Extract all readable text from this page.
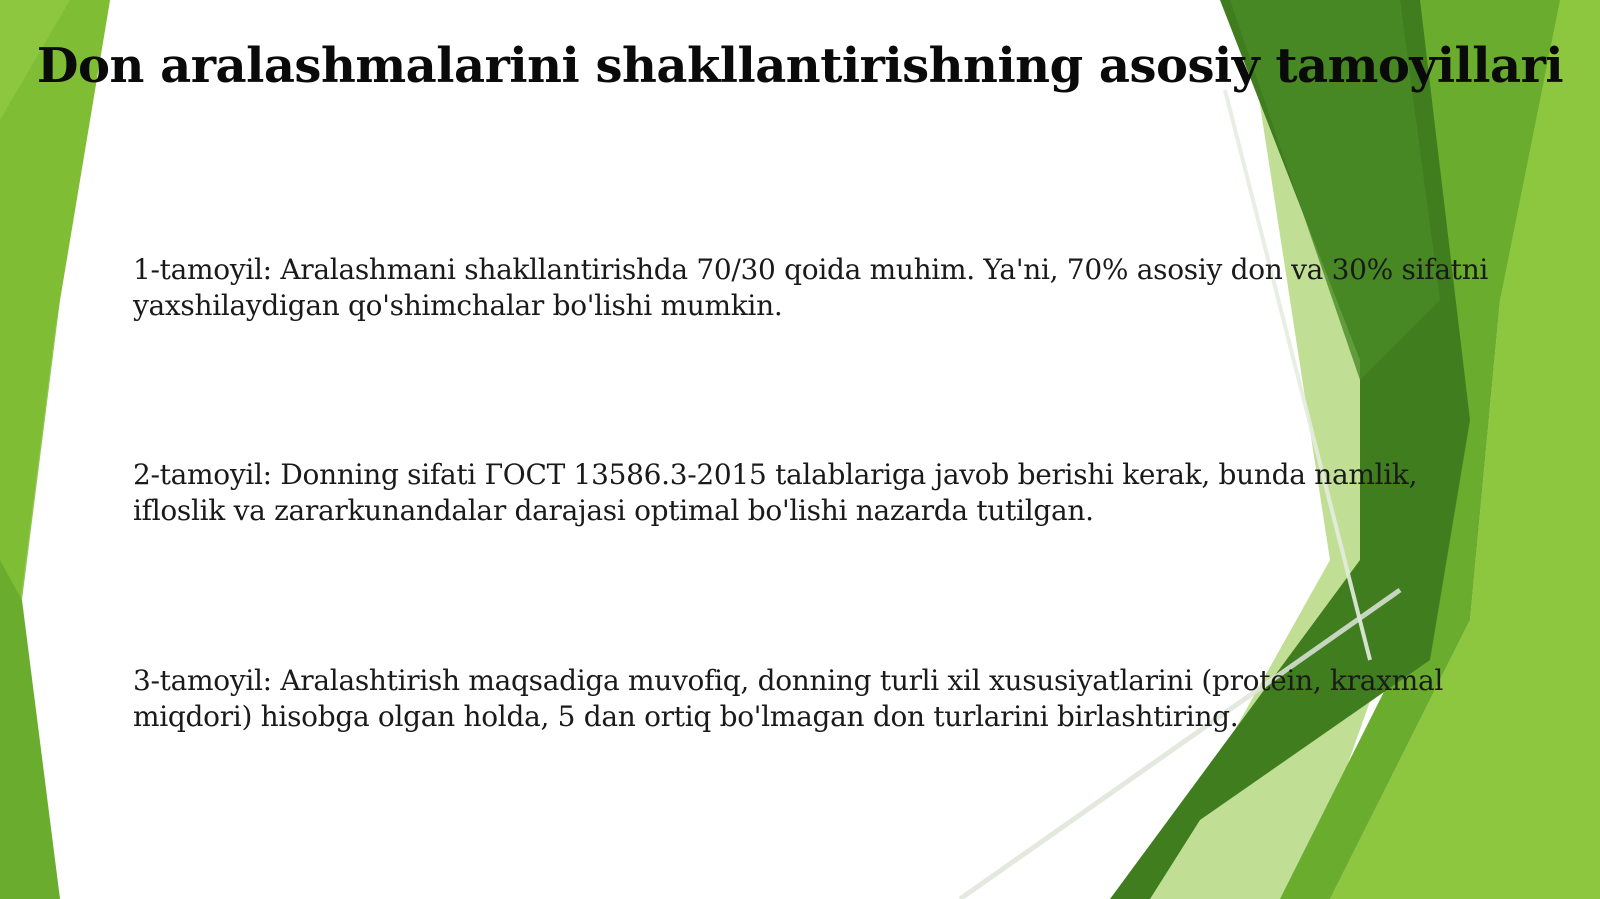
Don aralashmalarini shakllantirishning asosiy tamoyillari
1-tamoyil: Aralashmani shakllantirishda 70/30 qoida muhim. Ya'ni, 70% asosiy don va 30% sifatni yaxshilaydigan qo'shimchalar bo'lishi mumkin.
2-tamoyil: Donning sifati ГОСТ 13586.3-2015 talablariga javob berishi kerak, bunda namlik, ifloslik va zararkunandalar darajasi optimal bo'lishi nazarda tutilgan.
3-tamoyil: Aralashtirish maqsadiga muvofiq, donning turli xil xususiyatlarini (protein, kraxmal miqdori) hisobga olgan holda, 5 dan ortiq bo'lmagan don turlarini birlashtiring.
